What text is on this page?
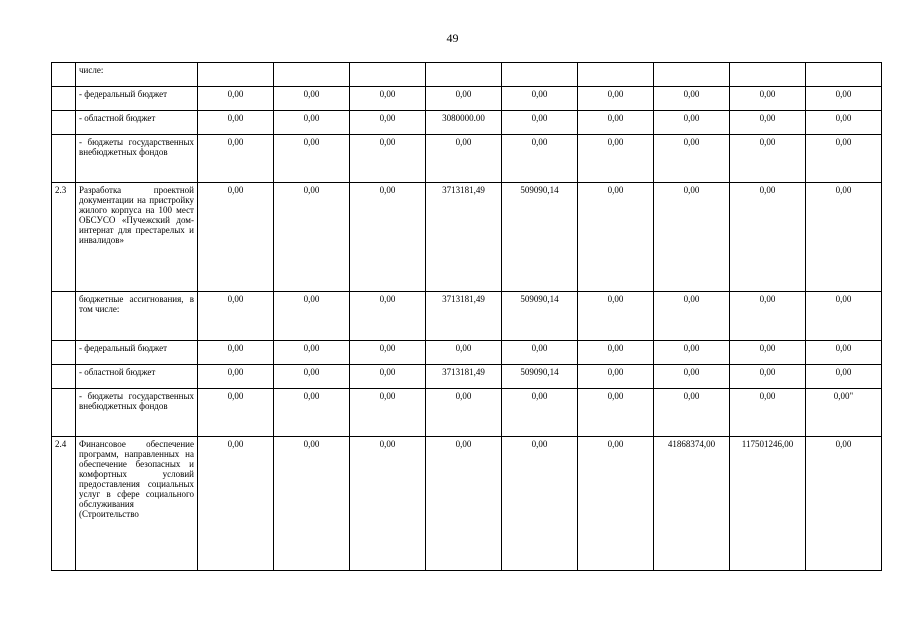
49
	числе:									
	- федеральный бюджет	0,00	0,00	0,00	0,00	0,00	0,00	0,00	0,00	0,00
	- областной бюджет	0,00	0,00	0,00	3080000.00	0,00	0,00	0,00	0,00	0,00
	- бюджеты государственных внебюджетных фондов	0,00	0,00	0,00	0,00	0,00	0,00	0,00	0,00	0,00
2.3	Разработка проектной документации на пристройку жилого корпуса на 100 мест ОБСУСО «Пучежский дом-интернат для престарелых и инвалидов»	0,00	0,00	0,00	3713181,49	509090,14	0,00	0,00	0,00	0,00
	бюджетные ассигнования, в том числе:	0,00	0,00	0,00	3713181,49	509090,14	0,00	0,00	0,00	0,00
	- федеральный бюджет	0,00	0,00	0,00	0,00	0,00	0,00	0,00	0,00	0,00
	- областной бюджет	0,00	0,00	0,00	3713181,49	509090,14	0,00	0,00	0,00	0,00
	- бюджеты государственных внебюджетных фондов	0,00	0,00	0,00	0,00	0,00	0,00	0,00	0,00	0,00"
2.4	Финансовое обеспечение программ, направленных на обеспечение безопасных и комфортных условий предоставления социальных услуг в сфере социального обслуживания (Строительство	0,00	0,00	0,00	0,00	0,00	0,00	41868374,00	117501246,00	0,00
